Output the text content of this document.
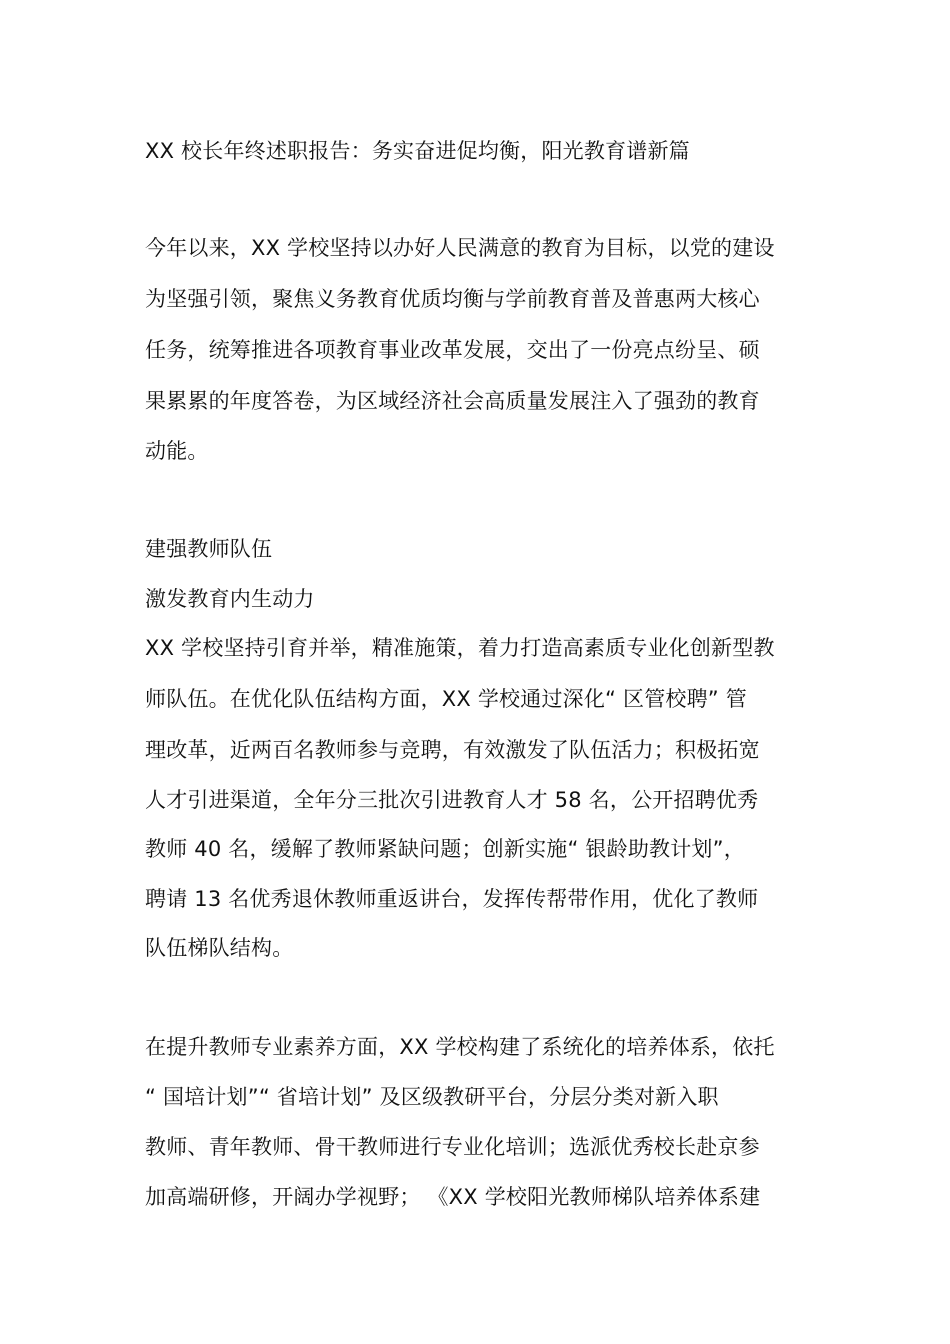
XX 校长年终述职报告：务实奋进促均衡，阳光教育谱新篇
今年以来，XX 学校坚持以办好人民满意的教育为目标，以党的建设
为坚强引领，聚焦义务教育优质均衡与学前教育普及普惠两大核心
任务，统筹推进各项教育事业改革发展，交出了一份亮点纷呈、硕
果累累的年度答卷，为区域经济社会高质量发展注入了强劲的教育
动能。
建强教师队伍
激发教育内生动力
XX 学校坚持引育并举，精准施策，着力打造高素质专业化创新型教
师队伍。在优化队伍结构方面，XX 学校通过深化“ 区管校聘” 管
理改革，近两百名教师参与竞聘，有效激发了队伍活力；积极拓宽
人才引进渠道，全年分三批次引进教育人才 58 名，公开招聘优秀
教师 40 名，缓解了教师紧缺问题；创新实施“ 银龄助教计划”，
聘请 13 名优秀退休教师重返讲台，发挥传帮带作用，优化了教师
队伍梯队结构。
在提升教师专业素养方面，XX 学校构建了系统化的培养体系，依托
“ 国培计划”“ 省培计划” 及区级教研平台，分层分类对新入职
教师、青年教师、骨干教师进行专业化培训；选派优秀校长赴京参
加高端研修，开阔办学视野； 《XX 学校阳光教师梯队培养体系建
